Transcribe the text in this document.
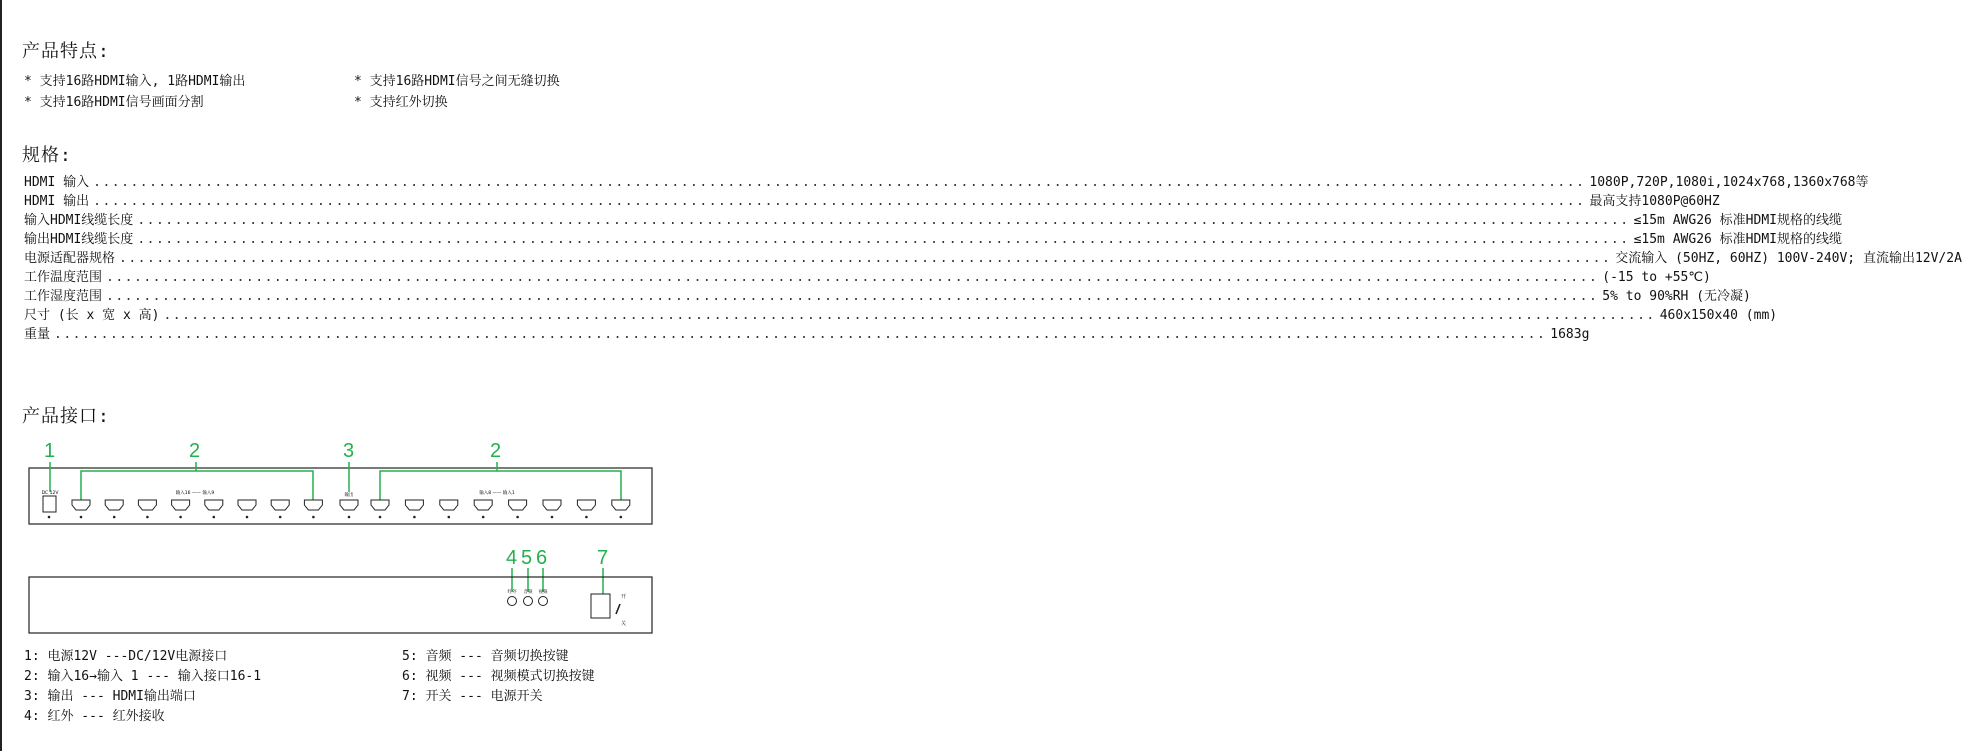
产品特点:
* 支持16路HDMI输入, 1路HDMI输出	* 支持16路HDMI信号之间无缝切换
* 支持16路HDMI信号画面分割	* 支持红外切换
规格:
HDMI 输入 ................................................................................................................................................................ 1080P,720P,1080i,1024x768,1360x768等
HDMI 输出 ................................................................................................................................................................ 最高支持1080P@60HZ
输入HDMI线缆长度 ................................................................................................................................................................ ≤15m AWG26 标准HDMI规格的线缆
输出HDMI线缆长度 ................................................................................................................................................................ ≤15m AWG26 标准HDMI规格的线缆
电源适配器规格 ................................................................................................................................................................ 交流输入 (50HZ, 60HZ) 100V-240V; 直流输出12V/2A
工作温度范围 ................................................................................................................................................................ (-15 to +55℃)
工作湿度范围 ................................................................................................................................................................ 5% to 90%RH (无冷凝)
尺寸 (长 x 宽 x 高) ................................................................................................................................................................ 460x150x40 (mm)
重量 ................................................................................................................................................................ 1683g
产品接口:
1	2	3	2
4 5 6 7
DC 12V	输入16 —— 输入9	输出	输入8 —— 输入1
红外 音频 视频
开
关
1: 电源12V ---DC/12V电源接口
2: 输入16→输入 1 --- 输入接口16-1
3: 输出 --- HDMI输出端口
4: 红外 --- 红外接收
5: 音频 --- 音频切换按键
6: 视频 --- 视频模式切换按键
7: 开关 --- 电源开关
